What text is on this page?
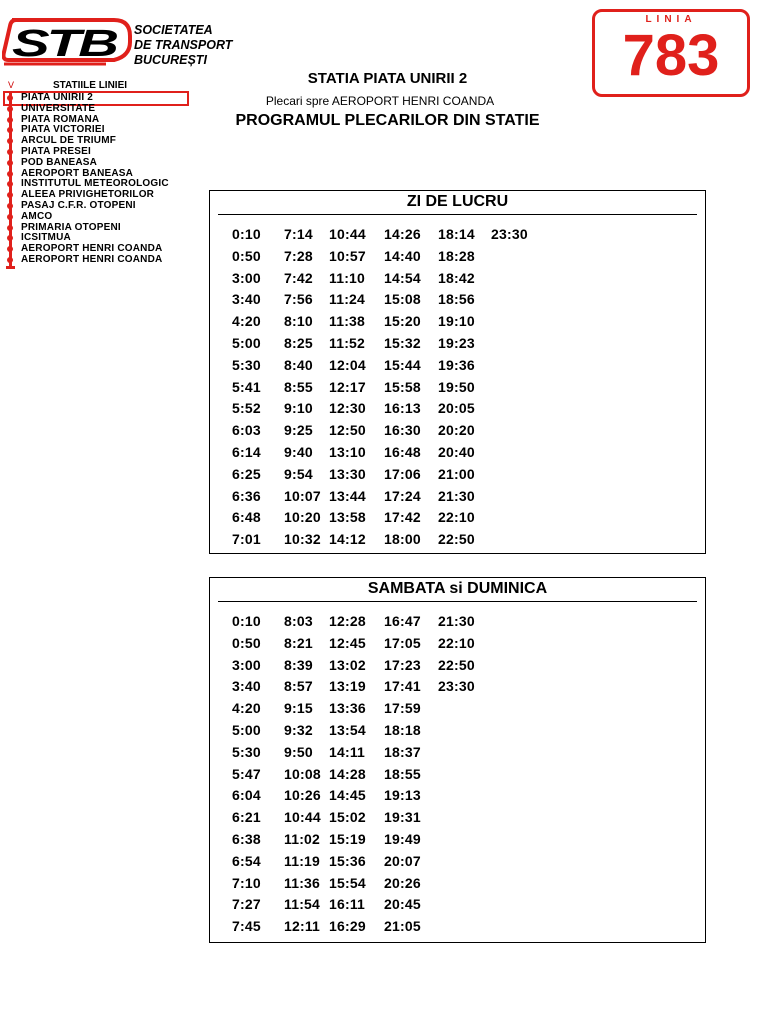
STB SOCIETATEA
DE TRANSPORT
BUCUREȘTI
LINIA
783
V	STATIILE LINIEI
PIATA UNIRII 2
UNIVERSITATE
PIATA ROMANA
PIATA VICTORIEI
ARCUL DE TRIUMF
PIATA PRESEI
POD BANEASA
AEROPORT BANEASA
INSTITUTUL METEOROLOGIC
ALEEA PRIVIGHETORILOR
PASAJ C.F.R. OTOPENI
AMCO
PRIMARIA OTOPENI
ICSITMUA
AEROPORT HENRI COANDA
AEROPORT HENRI COANDA
STATIA PIATA UNIRII 2
Plecari spre AEROPORT HENRI COANDA
PROGRAMUL PLECARILOR DIN STATIE
ZI DE LUCRU
0:10	7:14	10:44	14:26	18:14	23:30
0:50	7:28	10:57	14:40	18:28
3:00	7:42	11:10	14:54	18:42
3:40	7:56	11:24	15:08	18:56
4:20	8:10	11:38	15:20	19:10
5:00	8:25	11:52	15:32	19:23
5:30	8:40	12:04	15:44	19:36
5:41	8:55	12:17	15:58	19:50
5:52	9:10	12:30	16:13	20:05
6:03	9:25	12:50	16:30	20:20
6:14	9:40	13:10	16:48	20:40
6:25	9:54	13:30	17:06	21:00
6:36	10:07 13:44	17:24	21:30
6:48	10:20 13:58	17:42	22:10
7:01	10:32 14:12	18:00	22:50
SAMBATA si DUMINICA
0:10	8:03	12:28	16:47	21:30
0:50	8:21	12:45	17:05	22:10
3:00	8:39	13:02	17:23	22:50
3:40	8:57	13:19	17:41	23:30
4:20	9:15	13:36	17:59
5:00	9:32	13:54	18:18
5:30	9:50	14:11	18:37
5:47	10:08 14:28	18:55
6:04	10:26 14:45	19:13
6:21	10:44 15:02	19:31
6:38	11:02 15:19	19:49
6:54	11:19 15:36	20:07
7:10	11:36 15:54	20:26
7:27	11:54 16:11	20:45
7:45	12:11 16:29	21:05
